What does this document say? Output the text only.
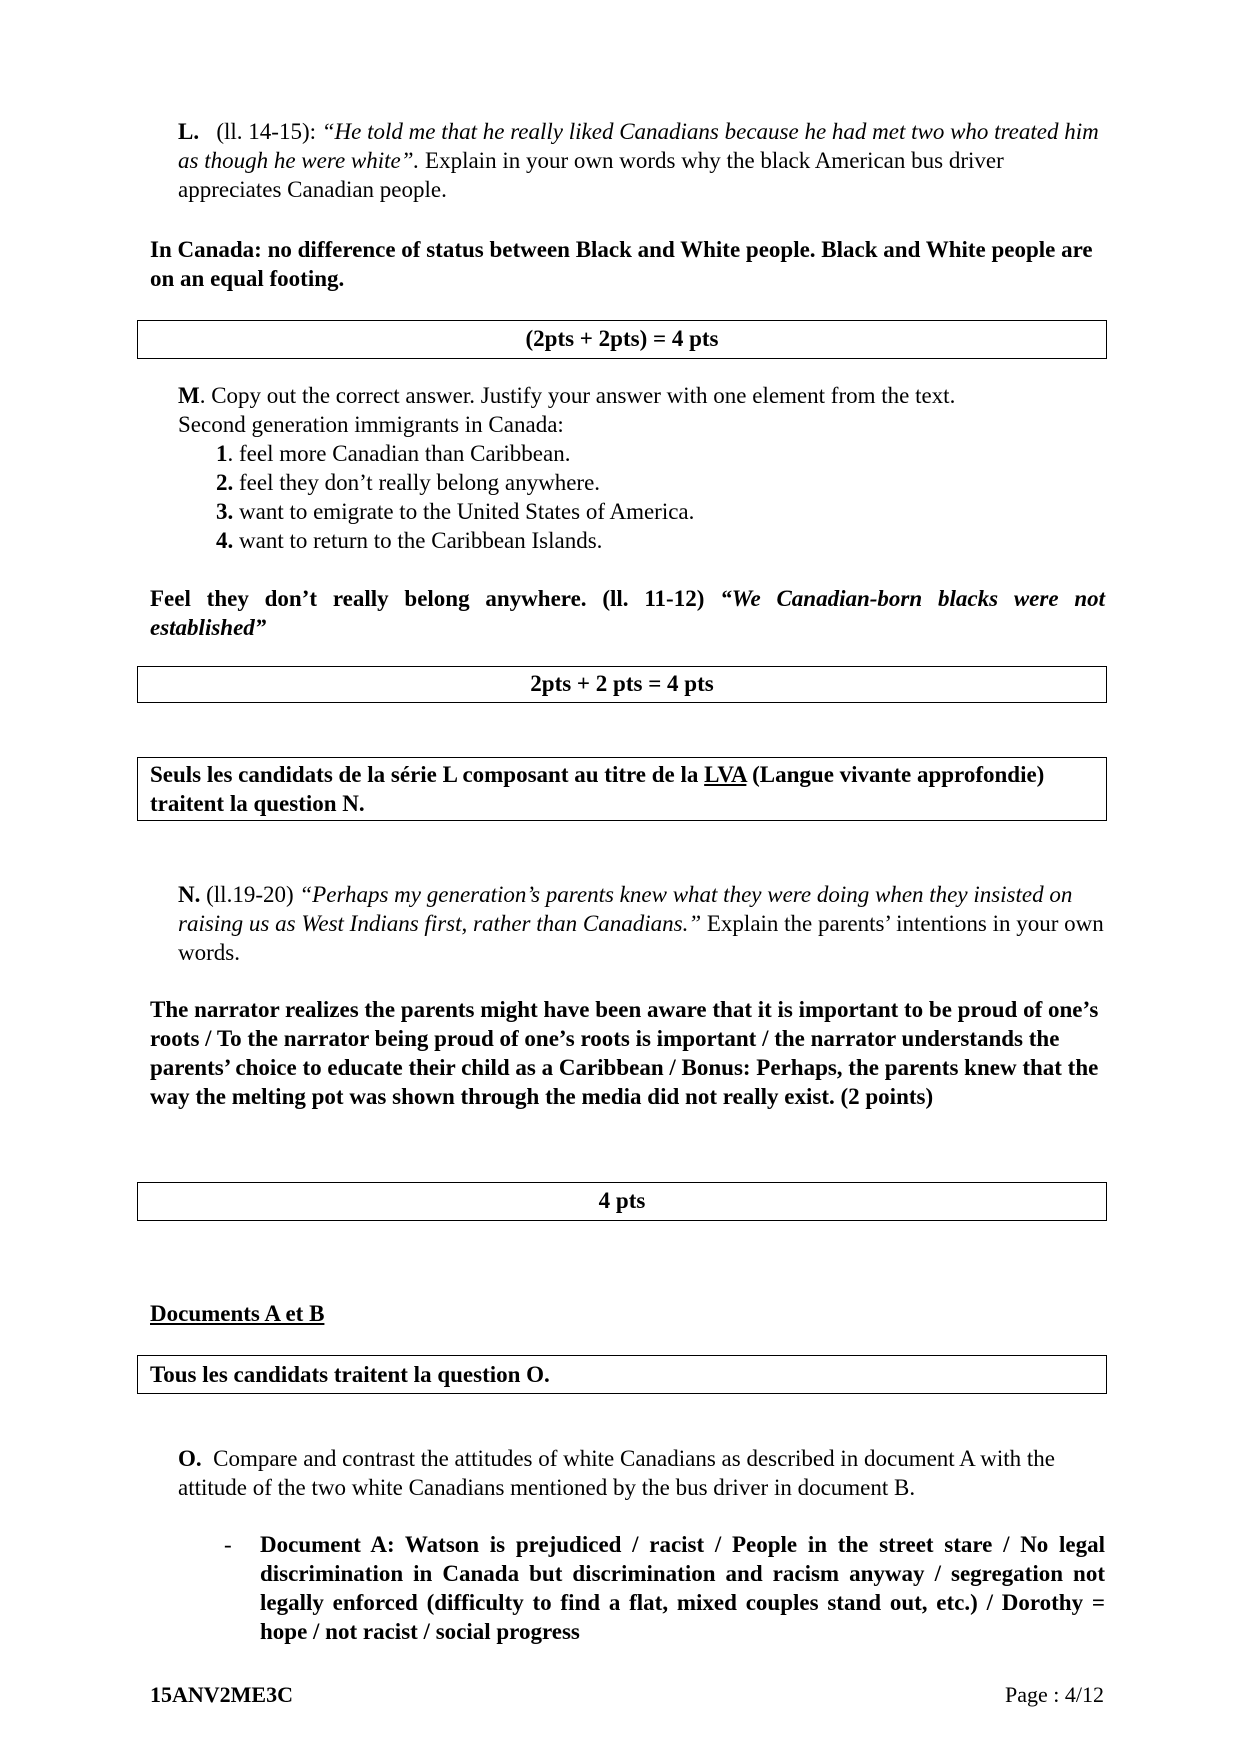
L. (ll. 14-15): “He told me that he really liked Canadians because he had met two who treated him as though he were white”. Explain in your own words why the black American bus driver appreciates Canadian people.
In Canada: no difference of status between Black and White people. Black and White people are on an equal footing.
(2pts + 2pts) = 4 pts
M. Copy out the correct answer. Justify your answer with one element from the text.
Second generation immigrants in Canada:
1. feel more Canadian than Caribbean.
2. feel they don’t really belong anywhere.
3. want to emigrate to the United States of America.
4. want to return to the Caribbean Islands.
Feel they don’t really belong anywhere. (ll. 11-12) “We Canadian-born blacks were not established”
2pts + 2 pts = 4 pts
Seuls les candidats de la série L composant au titre de la LVA (Langue vivante approfondie) traitent la question N.
N. (ll.19-20) “Perhaps my generation’s parents knew what they were doing when they insisted on raising us as West Indians first, rather than Canadians.” Explain the parents’ intentions in your own words.
The narrator realizes the parents might have been aware that it is important to be proud of one’s roots / To the narrator being proud of one’s roots is important / the narrator understands the parents’ choice to educate their child as a Caribbean / Bonus: Perhaps, the parents knew that the way the melting pot was shown through the media did not really exist. (2 points)
4 pts
Documents A et B
Tous les candidats traitent la question O.
O. Compare and contrast the attitudes of white Canadians as described in document A with the attitude of the two white Canadians mentioned by the bus driver in document B.
- Document A: Watson is prejudiced / racist / People in the street stare / No legal discrimination in Canada but discrimination and racism anyway / segregation not legally enforced (difficulty to find a flat, mixed couples stand out, etc.) / Dorothy = hope / not racist / social progress
15ANV2ME3C	Page : 4/12
